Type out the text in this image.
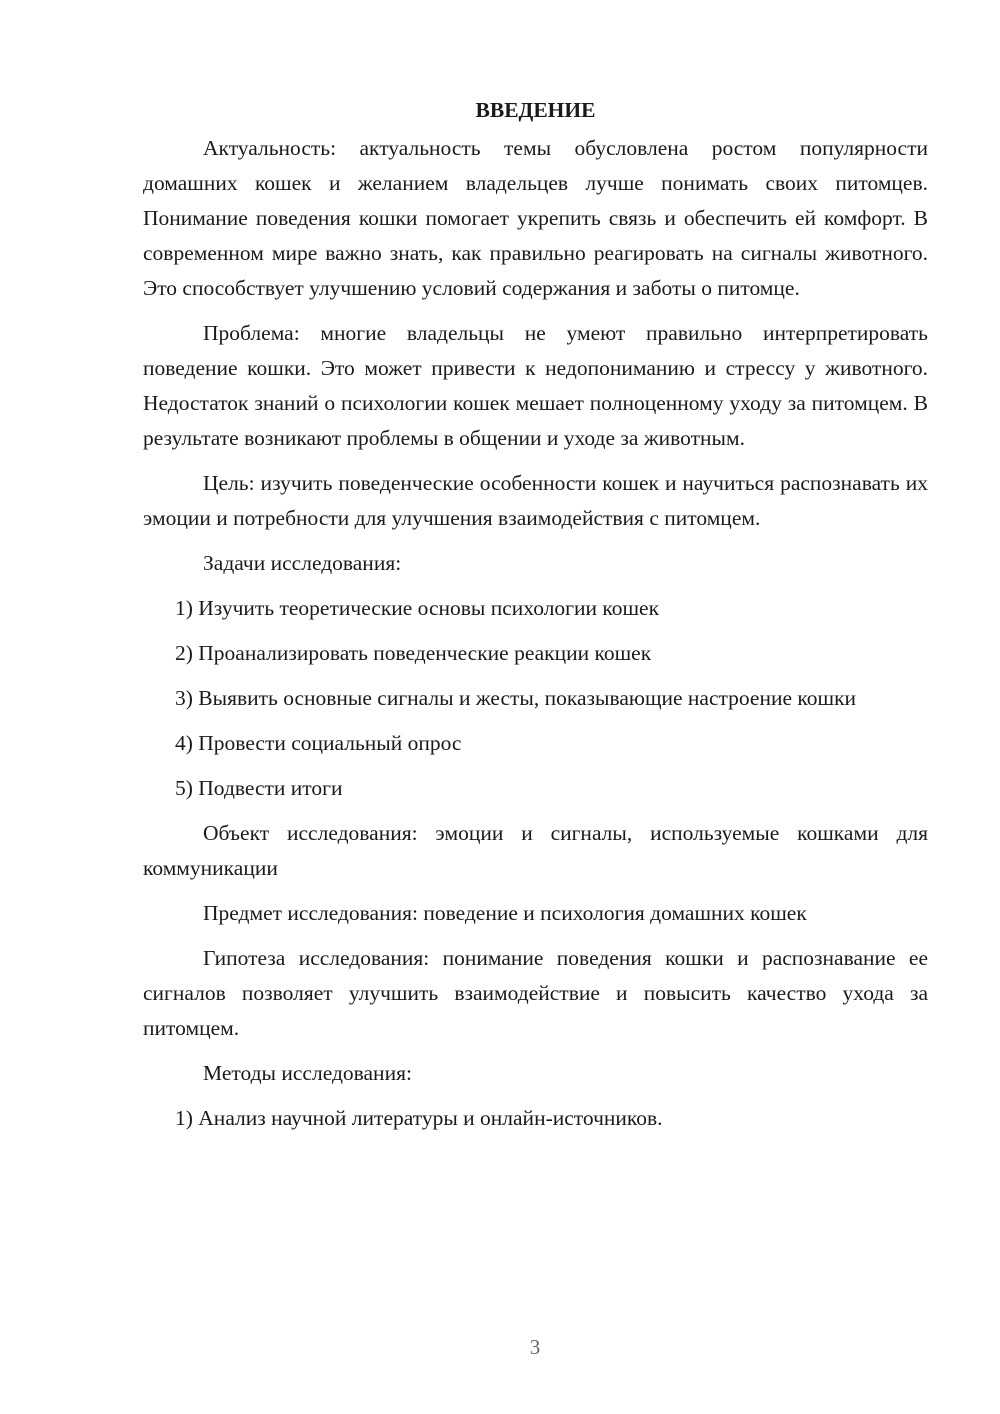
ВВЕДЕНИЕ

Актуальность: актуальность темы обусловлена ростом популярности домашних кошек и желанием владельцев лучше понимать своих питомцев. Понимание поведения кошки помогает укрепить связь и обеспечить ей комфорт. В современном мире важно знать, как правильно реагировать на сигналы животного. Это способствует улучшению условий содержания и заботы о питомце.

Проблема: многие владельцы не умеют правильно интерпретировать поведение кошки. Это может привести к недопониманию и стрессу у животного. Недостаток знаний о психологии кошек мешает полноценному уходу за питомцем. В результате возникают проблемы в общении и уходе за животным.

Цель: изучить поведенческие особенности кошек и научиться распознавать их эмоции и потребности для улучшения взаимодействия с питомцем.

Задачи исследования:

1) Изучить теоретические основы психологии кошек

2) Проанализировать поведенческие реакции кошек

3) Выявить основные сигналы и жесты, показывающие настроение кошки

4) Провести социальный опрос

5) Подвести итоги

Объект исследования: эмоции и сигналы, используемые кошками для коммуникации

Предмет исследования: поведение и психология домашних кошек

Гипотеза исследования: понимание поведения кошки и распознавание ее сигналов позволяет улучшить взаимодействие и повысить качество ухода за питомцем.

Методы исследования:

1) Анализ научной литературы и онлайн-источников.

3
